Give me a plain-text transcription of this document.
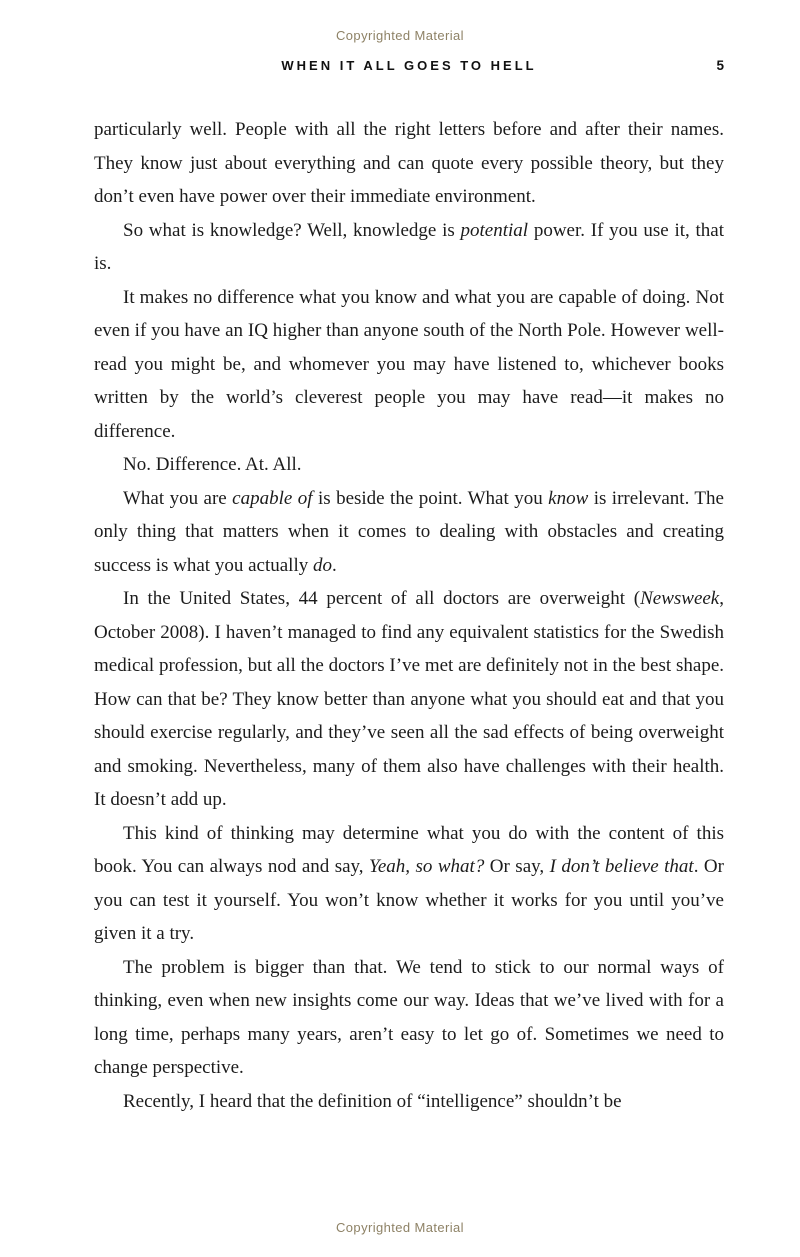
Copyrighted Material
WHEN IT ALL GOES TO HELL	5

particularly well. People with all the right letters before and after their names. They know just about everything and can quote every possible theory, but they don’t even have power over their immediate environment.

So what is knowledge? Well, knowledge is potential power. If you use it, that is.

It makes no difference what you know and what you are capable of doing. Not even if you have an IQ higher than anyone south of the North Pole. However well-read you might be, and whomever you may have listened to, whichever books written by the world’s cleverest people you may have read—it makes no difference.

No. Difference. At. All.

What you are capable of is beside the point. What you know is irrelevant. The only thing that matters when it comes to dealing with obstacles and creating success is what you actually do.

In the United States, 44 percent of all doctors are overweight (Newsweek, October 2008). I haven’t managed to find any equivalent statistics for the Swedish medical profession, but all the doctors I’ve met are definitely not in the best shape. How can that be? They know better than anyone what you should eat and that you should exercise regularly, and they’ve seen all the sad effects of being overweight and smoking. Nevertheless, many of them also have challenges with their health. It doesn’t add up.

This kind of thinking may determine what you do with the content of this book. You can always nod and say, Yeah, so what? Or say, I don’t believe that. Or you can test it yourself. You won’t know whether it works for you until you’ve given it a try.

The problem is bigger than that. We tend to stick to our normal ways of thinking, even when new insights come our way. Ideas that we’ve lived with for a long time, perhaps many years, aren’t easy to let go of. Sometimes we need to change perspective.

Recently, I heard that the definition of “intelligence” shouldn’t be

Copyrighted Material
